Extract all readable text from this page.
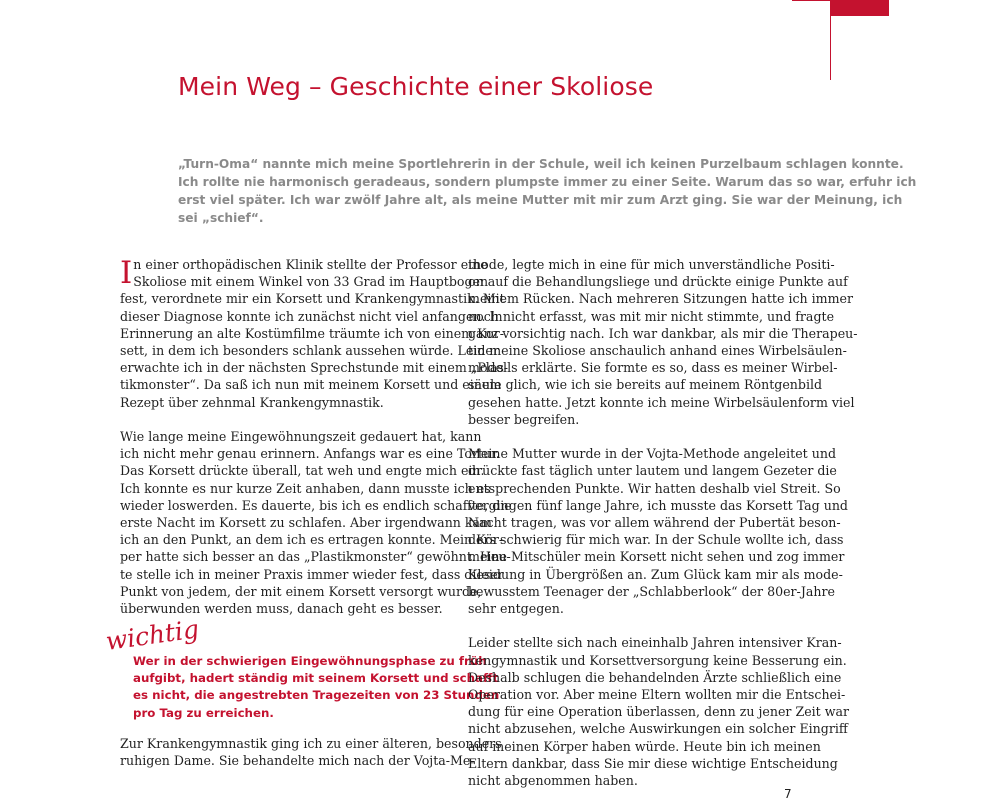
Mein Weg – Geschichte einer Skoliose

„Turn-Oma“ nannte mich meine Sportlehrerin in der Schule, weil ich keinen Purzelbaum schlagen konnte.
Ich rollte nie harmonisch geradeaus, sondern plumpste immer zu einer Seite. Warum das so war, erfuhr ich
erst viel später. Ich war zwölf Jahre alt, als meine Mutter mit mir zum Arzt ging. Sie war der Meinung, ich
sei „schief“.

I n einer orthopädischen Klinik stellte der Professor eine
Skoliose mit einem Winkel von 33 Grad im Hauptbogen
fest, verordnete mir ein Korsett und Krankengymnastik. Mit
dieser Diagnose konnte ich zunächst nicht viel anfangen. In
Erinnerung an alte Kostümfilme träumte ich von einem Kor-
sett, in dem ich besonders schlank aussehen würde. Leider
erwachte ich in der nächsten Sprechstunde mit einem „Plas-
tikmonster“. Da saß ich nun mit meinem Korsett und einem
Rezept über zehnmal Krankengymnastik.
Wie lange meine Eingewöhnungszeit gedauert hat, kann
ich nicht mehr genau erinnern. Anfangs war es eine Tortur.
Das Korsett drückte überall, tat weh und engte mich ein.
Ich konnte es nur kurze Zeit anhaben, dann musste ich es
wieder loswerden. Es dauerte, bis ich es endlich schaffte, die
erste Nacht im Korsett zu schlafen. Aber irgendwann kam
ich an den Punkt, an dem ich es ertragen konnte. Mein Kör-
per hatte sich besser an das „Plastikmonster“ gewöhnt. Heu-
te stelle ich in meiner Praxis immer wieder fest, dass dieser
Punkt von jedem, der mit einem Korsett versorgt wurde,
überwunden werden muss, danach geht es besser.
wichtig

Wer in der schwierigen Eingewöhnungsphase zu früh
aufgibt, hadert ständig mit seinem Korsett und schafft
es nicht, die angestrebten Tragezeiten von 23 Stunden
pro Tag zu erreichen.

Zur Krankengymnastik ging ich zu einer älteren, besonders
ruhigen Dame. Sie behandelte mich nach der Vojta-Me-
thode, legte mich in eine für mich unverständliche Positi-
on auf die Behandlungsliege und drückte einige Punkte auf
meinem Rücken. Nach mehreren Sitzungen hatte ich immer
noch nicht erfasst, was mit mir nicht stimmte, und fragte
ganz vorsichtig nach. Ich war dankbar, als mir die Therapeu-
tin meine Skoliose anschaulich anhand eines Wirbelsäulen-
modells erklärte. Sie formte es so, dass es meiner Wirbel-
säule glich, wie ich sie bereits auf meinem Röntgenbild
gesehen hatte. Jetzt konnte ich meine Wirbelsäulenform viel
besser begreifen.
Meine Mutter wurde in der Vojta-Methode angeleitet und
drückte fast täglich unter lautem und langem Gezeter die
entsprechenden Punkte. Wir hatten deshalb viel Streit. So
vergingen fünf lange Jahre, ich musste das Korsett Tag und
Nacht tragen, was vor allem während der Pubertät beson-
ders schwierig für mich war. In der Schule wollte ich, dass
meine Mitschüler mein Korsett nicht sehen und zog immer
Kleidung in Übergrößen an. Zum Glück kam mir als mode-
bewusstem Teenager der „Schlabberlook“ der 80er-Jahre
sehr entgegen.
Leider stellte sich nach eineinhalb Jahren intensiver Kran-
kengymnastik und Korsettversorgung keine Besserung ein.
Deshalb schlugen die behandelnden Ärzte schließlich eine
Operation vor. Aber meine Eltern wollten mir die Entschei-
dung für eine Operation überlassen, denn zu jener Zeit war
nicht abzusehen, welche Auswirkungen ein solcher Eingriff
auf meinen Körper haben würde. Heute bin ich meinen
Eltern dankbar, dass Sie mir diese wichtige Entscheidung
nicht abgenommen haben.
7
